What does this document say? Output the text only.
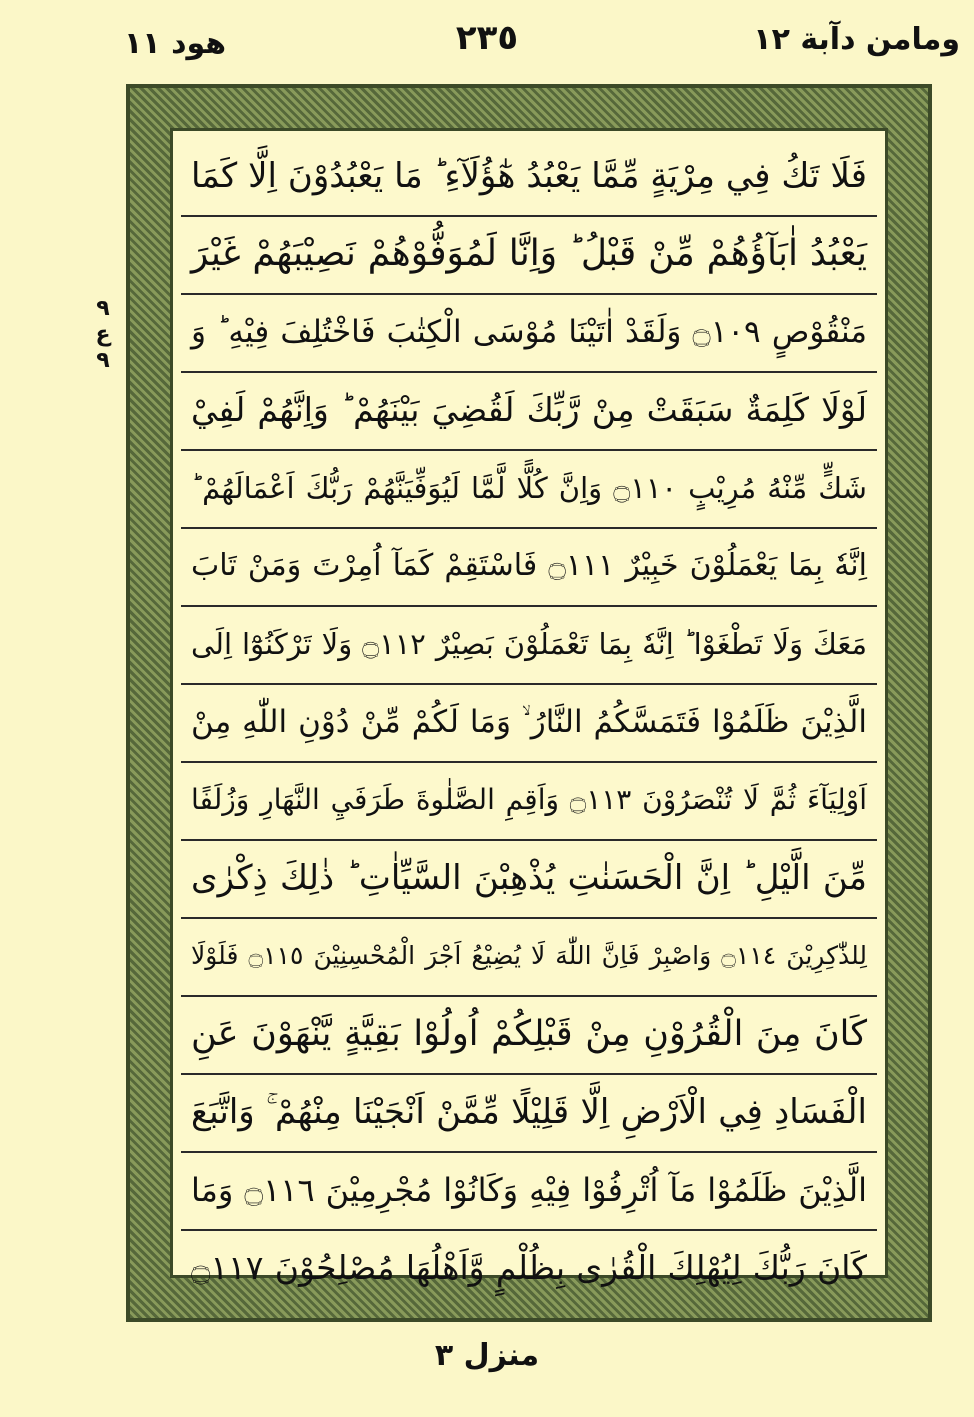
ومامن دآبة ١٢
٢٣٥
هود ١١
٩
ع
٩
فَلَا تَكُ فِي مِرْيَةٍ مِّمَّا يَعْبُدُ هٰٓؤُلَآءِ ؕ مَا يَعْبُدُوْنَ اِلَّا كَمَا
يَعْبُدُ اٰبَآؤُهُمْ مِّنْ قَبْلُ ؕ وَاِنَّا لَمُوَفُّوْهُمْ نَصِيْبَهُمْ غَيْرَ
مَنْقُوْصٍ ۝١٠٩ وَلَقَدْ اٰتَيْنَا مُوْسَى الْكِتٰبَ فَاخْتُلِفَ فِيْهِ ؕ وَ
لَوْلَا كَلِمَةٌ سَبَقَتْ مِنْ رَّبِّكَ لَقُضِيَ بَيْنَهُمْ ؕ وَاِنَّهُمْ لَفِيْ
شَكٍّ مِّنْهُ مُرِيْبٍ ۝١١٠ وَاِنَّ كُلًّا لَّمَّا لَيُوَفِّيَنَّهُمْ رَبُّكَ اَعْمَالَهُمْ ؕ
اِنَّهٗ بِمَا يَعْمَلُوْنَ خَبِيْرٌ ۝١١١ فَاسْتَقِمْ كَمَآ اُمِرْتَ وَمَنْ تَابَ
مَعَكَ وَلَا تَطْغَوْا ؕ اِنَّهٗ بِمَا تَعْمَلُوْنَ بَصِيْرٌ ۝١١٢ وَلَا تَرْكَنُوْٓا اِلَى
الَّذِيْنَ ظَلَمُوْا فَتَمَسَّكُمُ النَّارُ ۙ وَمَا لَكُمْ مِّنْ دُوْنِ اللّٰهِ مِنْ
اَوْلِيَآءَ ثُمَّ لَا تُنْصَرُوْنَ ۝١١٣ وَاَقِمِ الصَّلٰوةَ طَرَفَيِ النَّهَارِ وَزُلَفًا
مِّنَ الَّيْلِ ؕ اِنَّ الْحَسَنٰتِ يُذْهِبْنَ السَّيِّاٰتِ ؕ ذٰلِكَ ذِكْرٰى
لِلذّٰكِرِيْنَ ۝١١٤ وَاصْبِرْ فَاِنَّ اللّٰهَ لَا يُضِيْعُ اَجْرَ الْمُحْسِنِيْنَ ۝١١٥ فَلَوْلَا
كَانَ مِنَ الْقُرُوْنِ مِنْ قَبْلِكُمْ اُولُوْا بَقِيَّةٍ يَّنْهَوْنَ عَنِ
الْفَسَادِ فِي الْاَرْضِ اِلَّا قَلِيْلًا مِّمَّنْ اَنْجَيْنَا مِنْهُمْ ۚ وَاتَّبَعَ
الَّذِيْنَ ظَلَمُوْا مَآ اُتْرِفُوْا فِيْهِ وَكَانُوْا مُجْرِمِيْنَ ۝١١٦ وَمَا
كَانَ رَبُّكَ لِيُهْلِكَ الْقُرٰى بِظُلْمٍ وَّاَهْلُهَا مُصْلِحُوْنَ ۝١١٧
منزل ٣
